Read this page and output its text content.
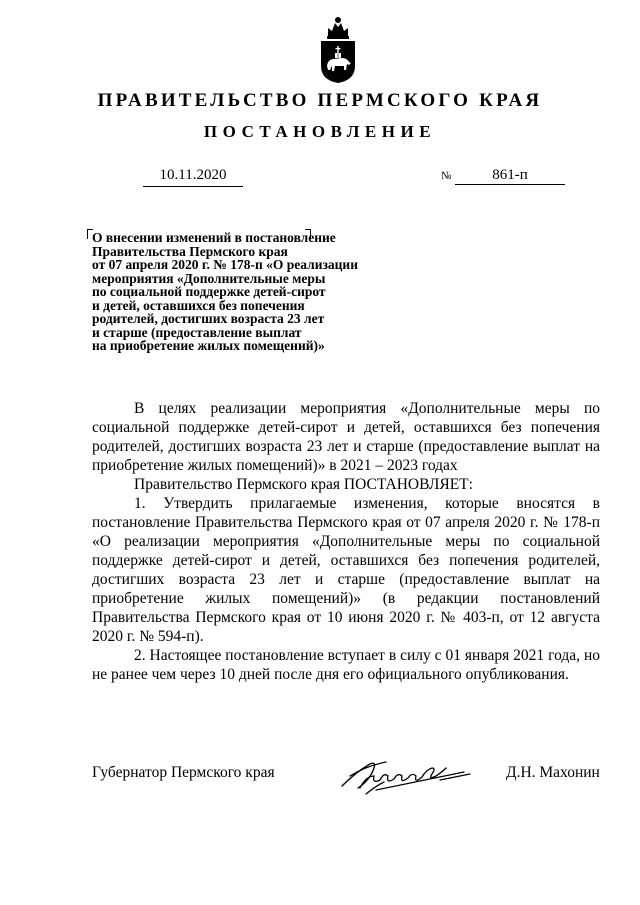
ПРАВИТЕЛЬСТВО ПЕРМСКОГО КРАЯ
ПОСТАНОВЛЕНИЕ
10.11.2020	№	861-п
О внесении изменений в постановление
Правительства Пермского края
от 07 апреля 2020 г. № 178-п «О реализации
мероприятия «Дополнительные меры
по социальной поддержке детей-сирот
и детей, оставшихся без попечения
родителей, достигших возраста 23 лет
и старше (предоставление выплат
на приобретение жилых помещений)»

В целях реализации мероприятия «Дополнительные меры по социальной поддержке детей-сирот и детей, оставшихся без попечения родителей, достигших возраста 23 лет и старше (предоставление выплат на приобретение жилых помещений)» в 2021 – 2023 годах

Правительство Пермского края ПОСТАНОВЛЯЕТ:

1. Утвердить прилагаемые изменения, которые вносятся в постановление Правительства Пермского края от 07 апреля 2020 г. № 178-п «О реализации мероприятия «Дополнительные меры по социальной поддержке детей-сирот и детей, оставшихся без попечения родителей, достигших возраста 23 лет и старше (предоставление выплат на приобретение жилых помещений)» (в редакции постановлений Правительства Пермского края от 10 июня 2020 г. № 403-п, от 12 августа 2020 г. № 594-п).

2. Настоящее постановление вступает в силу с 01 января 2021 года, но не ранее чем через 10 дней после дня его официального опубликования.

Губернатор Пермского края	Д.Н. Махонин
